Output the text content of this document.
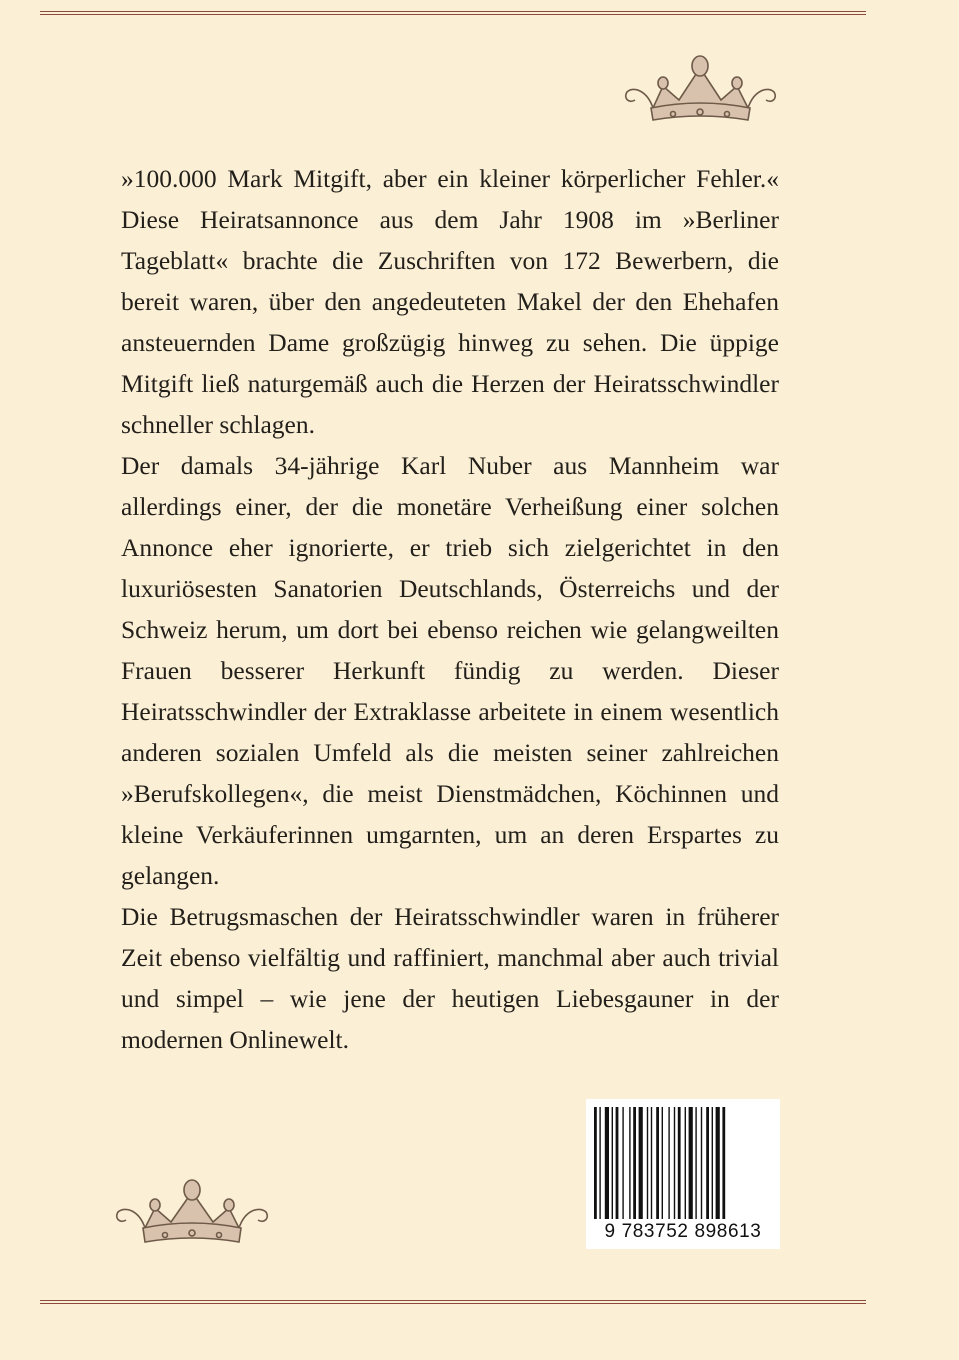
»100.000 Mark Mitgift, aber ein kleiner körperlicher Fehler.« Diese Heiratsannonce aus dem Jahr 1908 im »Berliner Tageblatt« brachte die Zuschriften von 172 Bewerbern, die bereit waren, über den angedeuteten Makel der den Ehehafen ansteuernden Dame großzügig hinweg zu sehen. Die üppige Mitgift ließ naturgemäß auch die Herzen der Heiratsschwindler schneller schlagen.

Der damals 34-jährige Karl Nuber aus Mannheim war allerdings einer, der die monetäre Verheißung einer solchen Annonce eher ignorierte, er trieb sich zielgerichtet in den luxuriösesten Sanatorien Deutschlands, Österreichs und der Schweiz herum, um dort bei ebenso reichen wie gelangweilten Frauen besserer Herkunft fündig zu werden. Dieser Heiratsschwindler der Extraklasse arbeitete in einem wesentlich anderen sozialen Umfeld als die meisten seiner zahlreichen »Berufskollegen«, die meist Dienstmädchen, Köchinnen und kleine Verkäuferinnen umgarnten, um an deren Erspartes zu gelangen.

Die Betrugsmaschen der Heiratsschwindler waren in früherer Zeit ebenso vielfältig und raffiniert, manchmal aber auch trivial und simpel – wie jene der heutigen Liebesgauner in der modernen Onlinewelt.

9 783752 898613
